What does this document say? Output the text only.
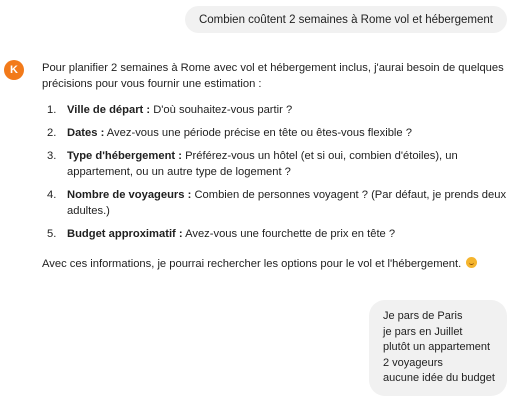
Combien coûtent 2 semaines à Rome vol et hébergement
K Pour planifier 2 semaines à Rome avec vol et hébergement inclus, j'aurai besoin de quelques précisions pour vous fournir une estimation :

1. Ville de départ : D'où souhaitez-vous partir ?
2. Dates : Avez-vous une période précise en tête ou êtes-vous flexible ?
3. Type d'hébergement : Préférez-vous un hôtel (et si oui, combien d'étoiles), un appartement, ou un autre type de logement ?
4. Nombre de voyageurs : Combien de personnes voyagent ? (Par défaut, je prends deux adultes.)
5. Budget approximatif : Avez-vous une fourchette de prix en tête ?

Avec ces informations, je pourrai rechercher les options pour le vol et l'hébergement.

Je pars de Paris
je pars en Juillet
plutôt un appartement
2 voyageurs
aucune idée du budget
